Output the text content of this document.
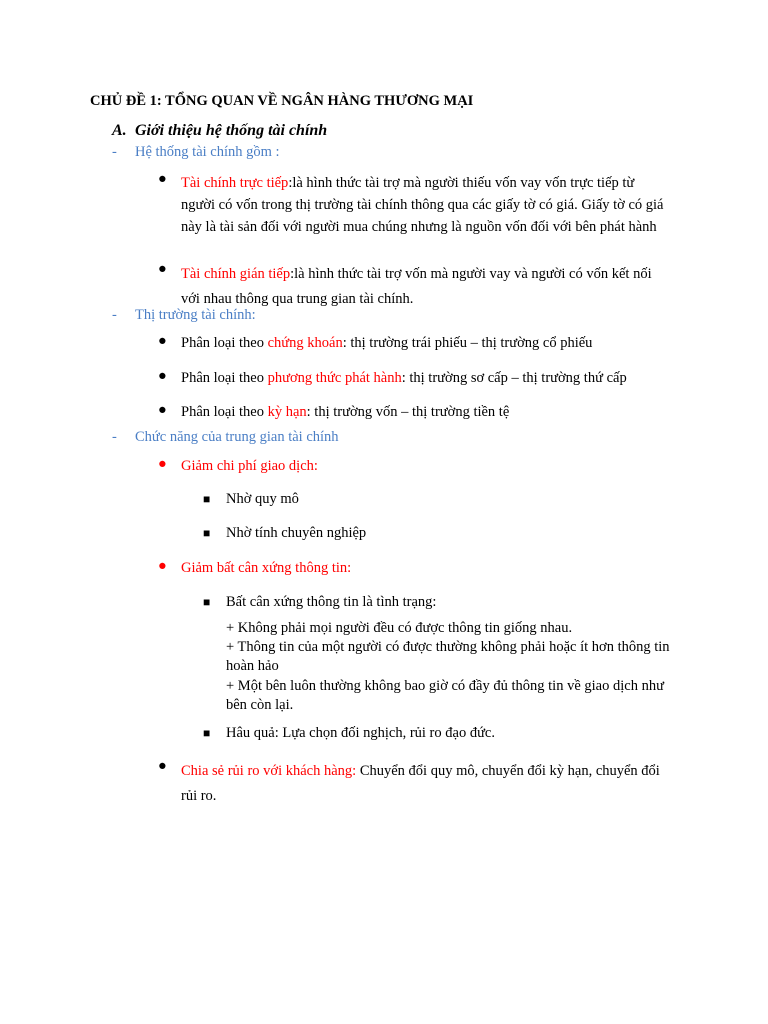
CHỦ ĐỀ 1: TỔNG QUAN VỀ NGÂN HÀNG THƯƠNG MẠI
A. Giới thiệu hệ thống tài chính
- Hệ thống tài chính gồm :
● Tài chính trực tiếp:là hình thức tài trợ mà người thiếu vốn vay vốn trực tiếp từ người có vốn trong thị trường tài chính thông qua các giấy tờ có giá. Giấy tờ có giá này là tài sản đối với người mua chúng nhưng là nguồn vốn đối với bên phát hành
● Tài chính gián tiếp:là hình thức tài trợ vốn mà người vay và người có vốn kết nối với nhau thông qua trung gian tài chính.
- Thị trường tài chính:
● Phân loại theo chứng khoán: thị trường trái phiếu – thị trường cổ phiếu
● Phân loại theo phương thức phát hành: thị trường sơ cấp – thị trường thứ cấp
● Phân loại theo kỳ hạn: thị trường vốn – thị trường tiền tệ
- Chức năng của trung gian tài chính
● Giảm chi phí giao dịch:
■ Nhờ quy mô
■ Nhờ tính chuyên nghiệp
● Giảm bất cân xứng thông tin:
■ Bất cân xứng thông tin là tình trạng:
+ Không phải mọi người đều có được thông tin giống nhau.
+ Thông tin của một người có được thường không phải hoặc ít hơn thông tin hoàn hảo
+ Một bên luôn thường không bao giờ có đầy đủ thông tin về giao dịch như bên còn lại.
■ Hâu quả: Lựa chọn đối nghịch, rủi ro đạo đức.
● Chia sẻ rủi ro với khách hàng: Chuyển đổi quy mô, chuyển đổi kỳ hạn, chuyển đổi rủi ro.
